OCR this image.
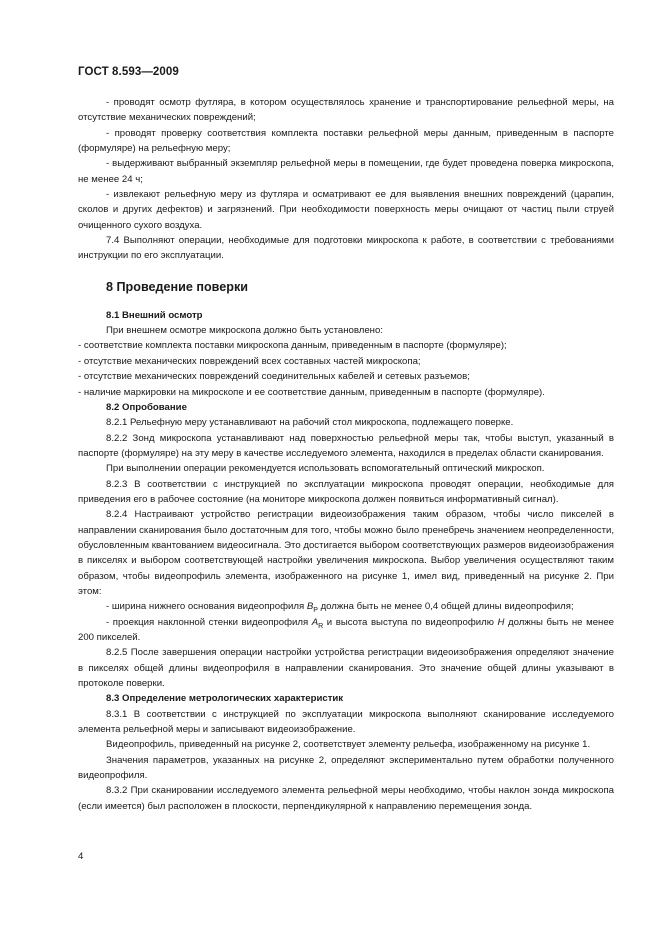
ГОСТ 8.593—2009

- проводят осмотр футляра, в котором осуществлялось хранение и транспортирование рельефной меры, на отсутствие механических повреждений;

- проводят проверку соответствия комплекта поставки рельефной меры данным, приведенным в паспорте (формуляре) на рельефную меру;

- выдерживают выбранный экземпляр рельефной меры в помещении, где будет проведена поверка микроскопа, не менее 24 ч;

- извлекают рельефную меру из футляра и осматривают ее для выявления внешних повреждений (царапин, сколов и других дефектов) и загрязнений. При необходимости поверхность меры очищают от частиц пыли струей очищенного сухого воздуха.

7.4 Выполняют операции, необходимые для подготовки микроскопа к работе, в соответствии с требованиями инструкции по его эксплуатации.

8 Проведение поверки
8.1 Внешний осмотр

При внешнем осмотре микроскопа должно быть установлено:

- соответствие комплекта поставки микроскопа данным, приведенным в паспорте (формуляре);

- отсутствие механических повреждений всех составных частей микроскопа;

- отсутствие механических повреждений соединительных кабелей и сетевых разъемов;

- наличие маркировки на микроскопе и ее соответствие данным, приведенным в паспорте (формуляре).

8.2 Опробование

8.2.1 Рельефную меру устанавливают на рабочий стол микроскопа, подлежащего поверке.

8.2.2 Зонд микроскопа устанавливают над поверхностью рельефной меры так, чтобы выступ, указанный в паспорте (формуляре) на эту меру в качестве исследуемого элемента, находился в пределах области сканирования.

При выполнении операции рекомендуется использовать вспомогательный оптический микроскоп.

8.2.3 В соответствии с инструкцией по эксплуатации микроскопа проводят операции, необходимые для приведения его в рабочее состояние (на мониторе микроскопа должен появиться информативный сигнал).

8.2.4 Настраивают устройство регистрации видеоизображения таким образом, чтобы число пикселей в направлении сканирования было достаточным для того, чтобы можно было пренебречь значением неопределенности, обусловленным квантованием видеосигнала. Это достигается выбором соответствующих размеров видеоизображения в пикселях и выбором соответствующей настройки увеличения микроскопа. Выбор увеличения осуществляют таким образом, чтобы видеопрофиль элемента, изображенного на рисунке 1, имел вид, приведенный на рисунке 2. При этом:

- ширина нижнего основания видеопрофиля $B_P$ должна быть не менее 0,4 общей длины видеопрофиля;

- проекция наклонной стенки видеопрофиля $A_R$ и высота выступа по видеопрофилю H должны быть не менее 200 пикселей.

8.2.5 После завершения операции настройки устройства регистрации видеоизображения определяют значение в пикселях общей длины видеопрофиля в направлении сканирования. Это значение общей длины указывают в протоколе поверки.

8.3 Определение метрологических характеристик

8.3.1 В соответствии с инструкцией по эксплуатации микроскопа выполняют сканирование исследуемого элемента рельефной меры и записывают видеоизображение.

Видеопрофиль, приведенный на рисунке 2, соответствует элементу рельефа, изображенному на рисунке 1.

Значения параметров, указанных на рисунке 2, определяют экспериментально путем обработки полученного видеопрофиля.

8.3.2 При сканировании исследуемого элемента рельефной меры необходимо, чтобы наклон зонда микроскопа (если имеется) был расположен в плоскости, перпендикулярной к направлению перемещения зонда.

4
